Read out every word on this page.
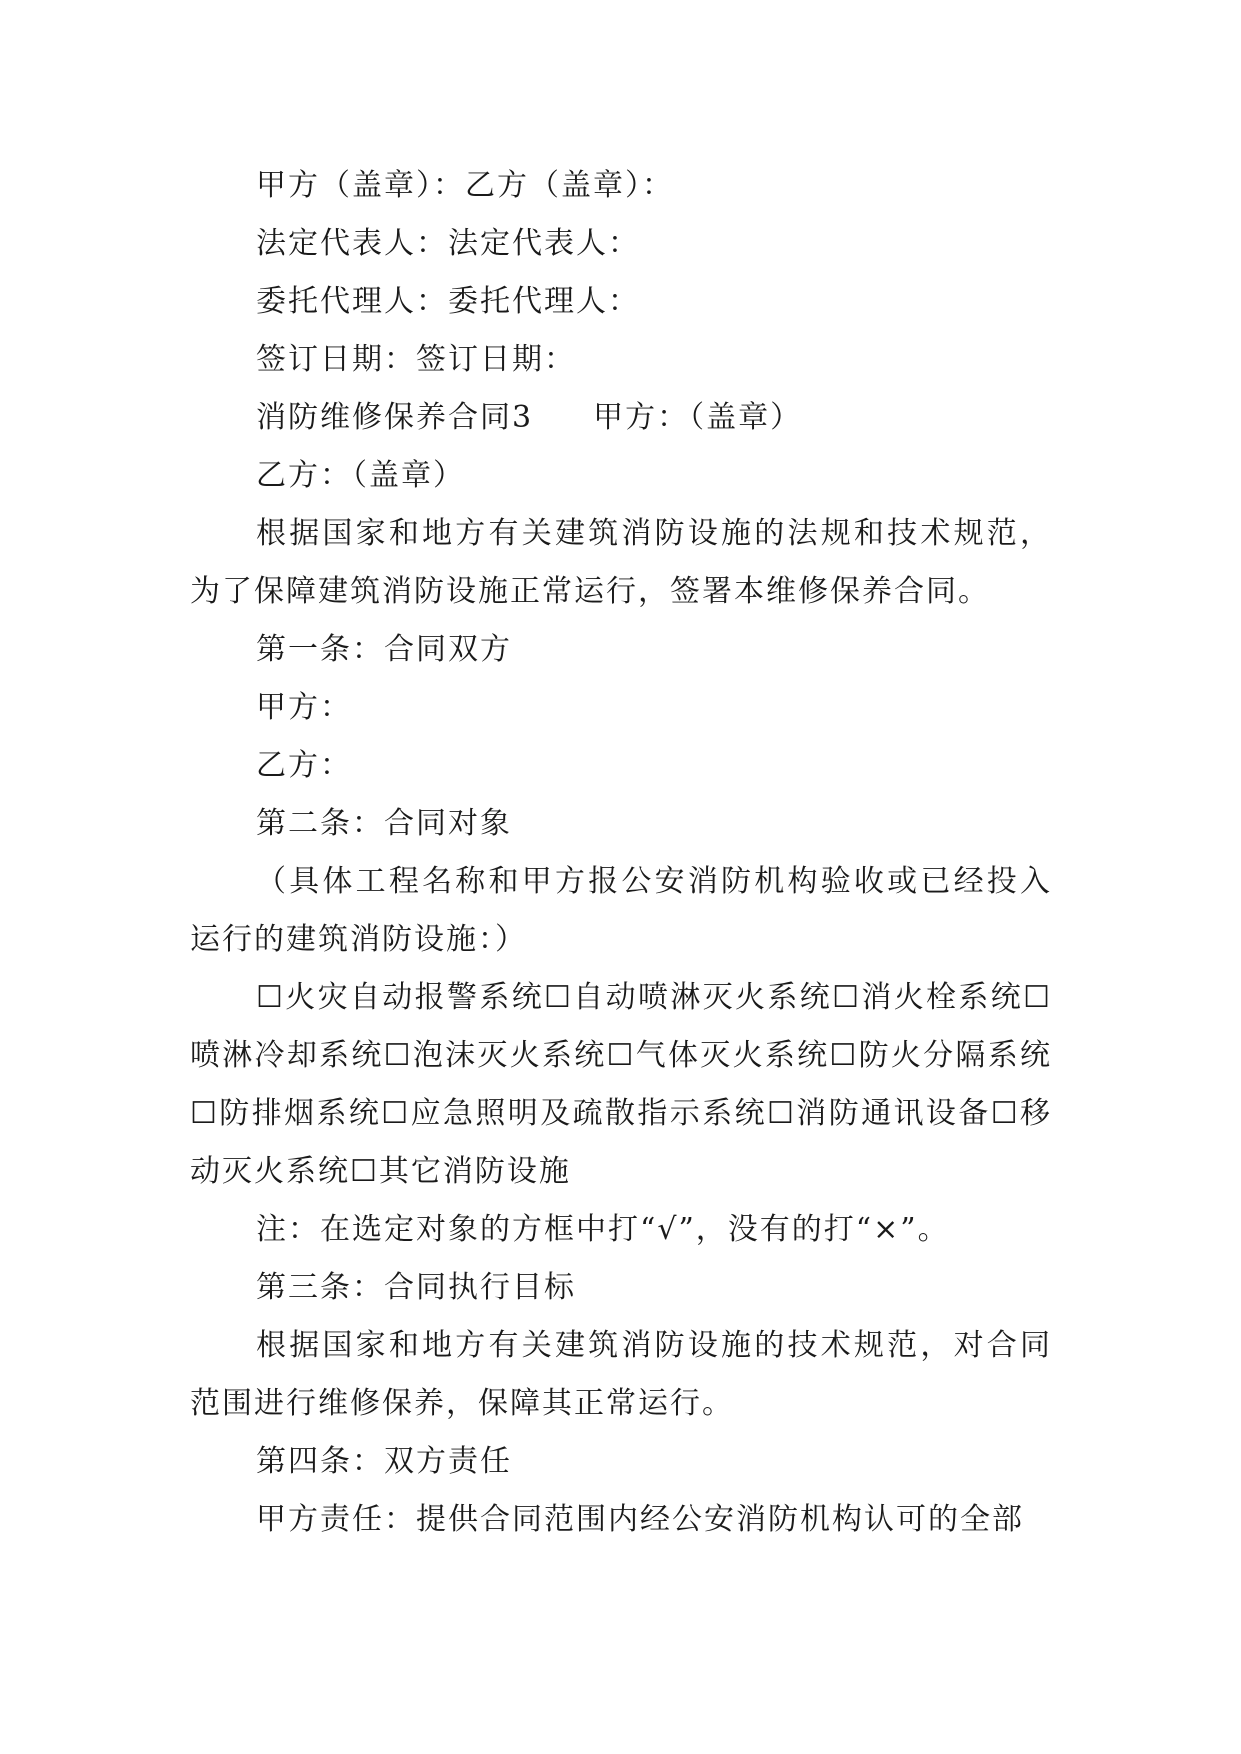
甲方（盖章）：乙方（盖章）：

法定代表人：法定代表人：

委托代理人：委托代理人：

签订日期：签订日期：

消防维修保养合同3 甲方：（盖章）

乙方：（盖章）

根据国家和地方有关建筑消防设施的法规和技术规范，为了保障建筑消防设施正常运行，签署本维修保养合同。

第一条：合同双方

甲方：

乙方：

第二条：合同对象

（具体工程名称和甲方报公安消防机构验收或已经投入运行的建筑消防设施：）

☐火灾自动报警系统☐自动喷淋灭火系统☐消火栓系统☐喷淋冷却系统☐泡沫灭火系统☐气体灭火系统☐防火分隔系统☐防排烟系统☐应急照明及疏散指示系统☐消防通讯设备☐移动灭火系统☐其它消防设施

注：在选定对象的方框中打“√”，没有的打“×”。

第三条：合同执行目标

根据国家和地方有关建筑消防设施的技术规范，对合同范围进行维修保养，保障其正常运行。

第四条：双方责任

甲方责任：提供合同范围内经公安消防机构认可的全部
